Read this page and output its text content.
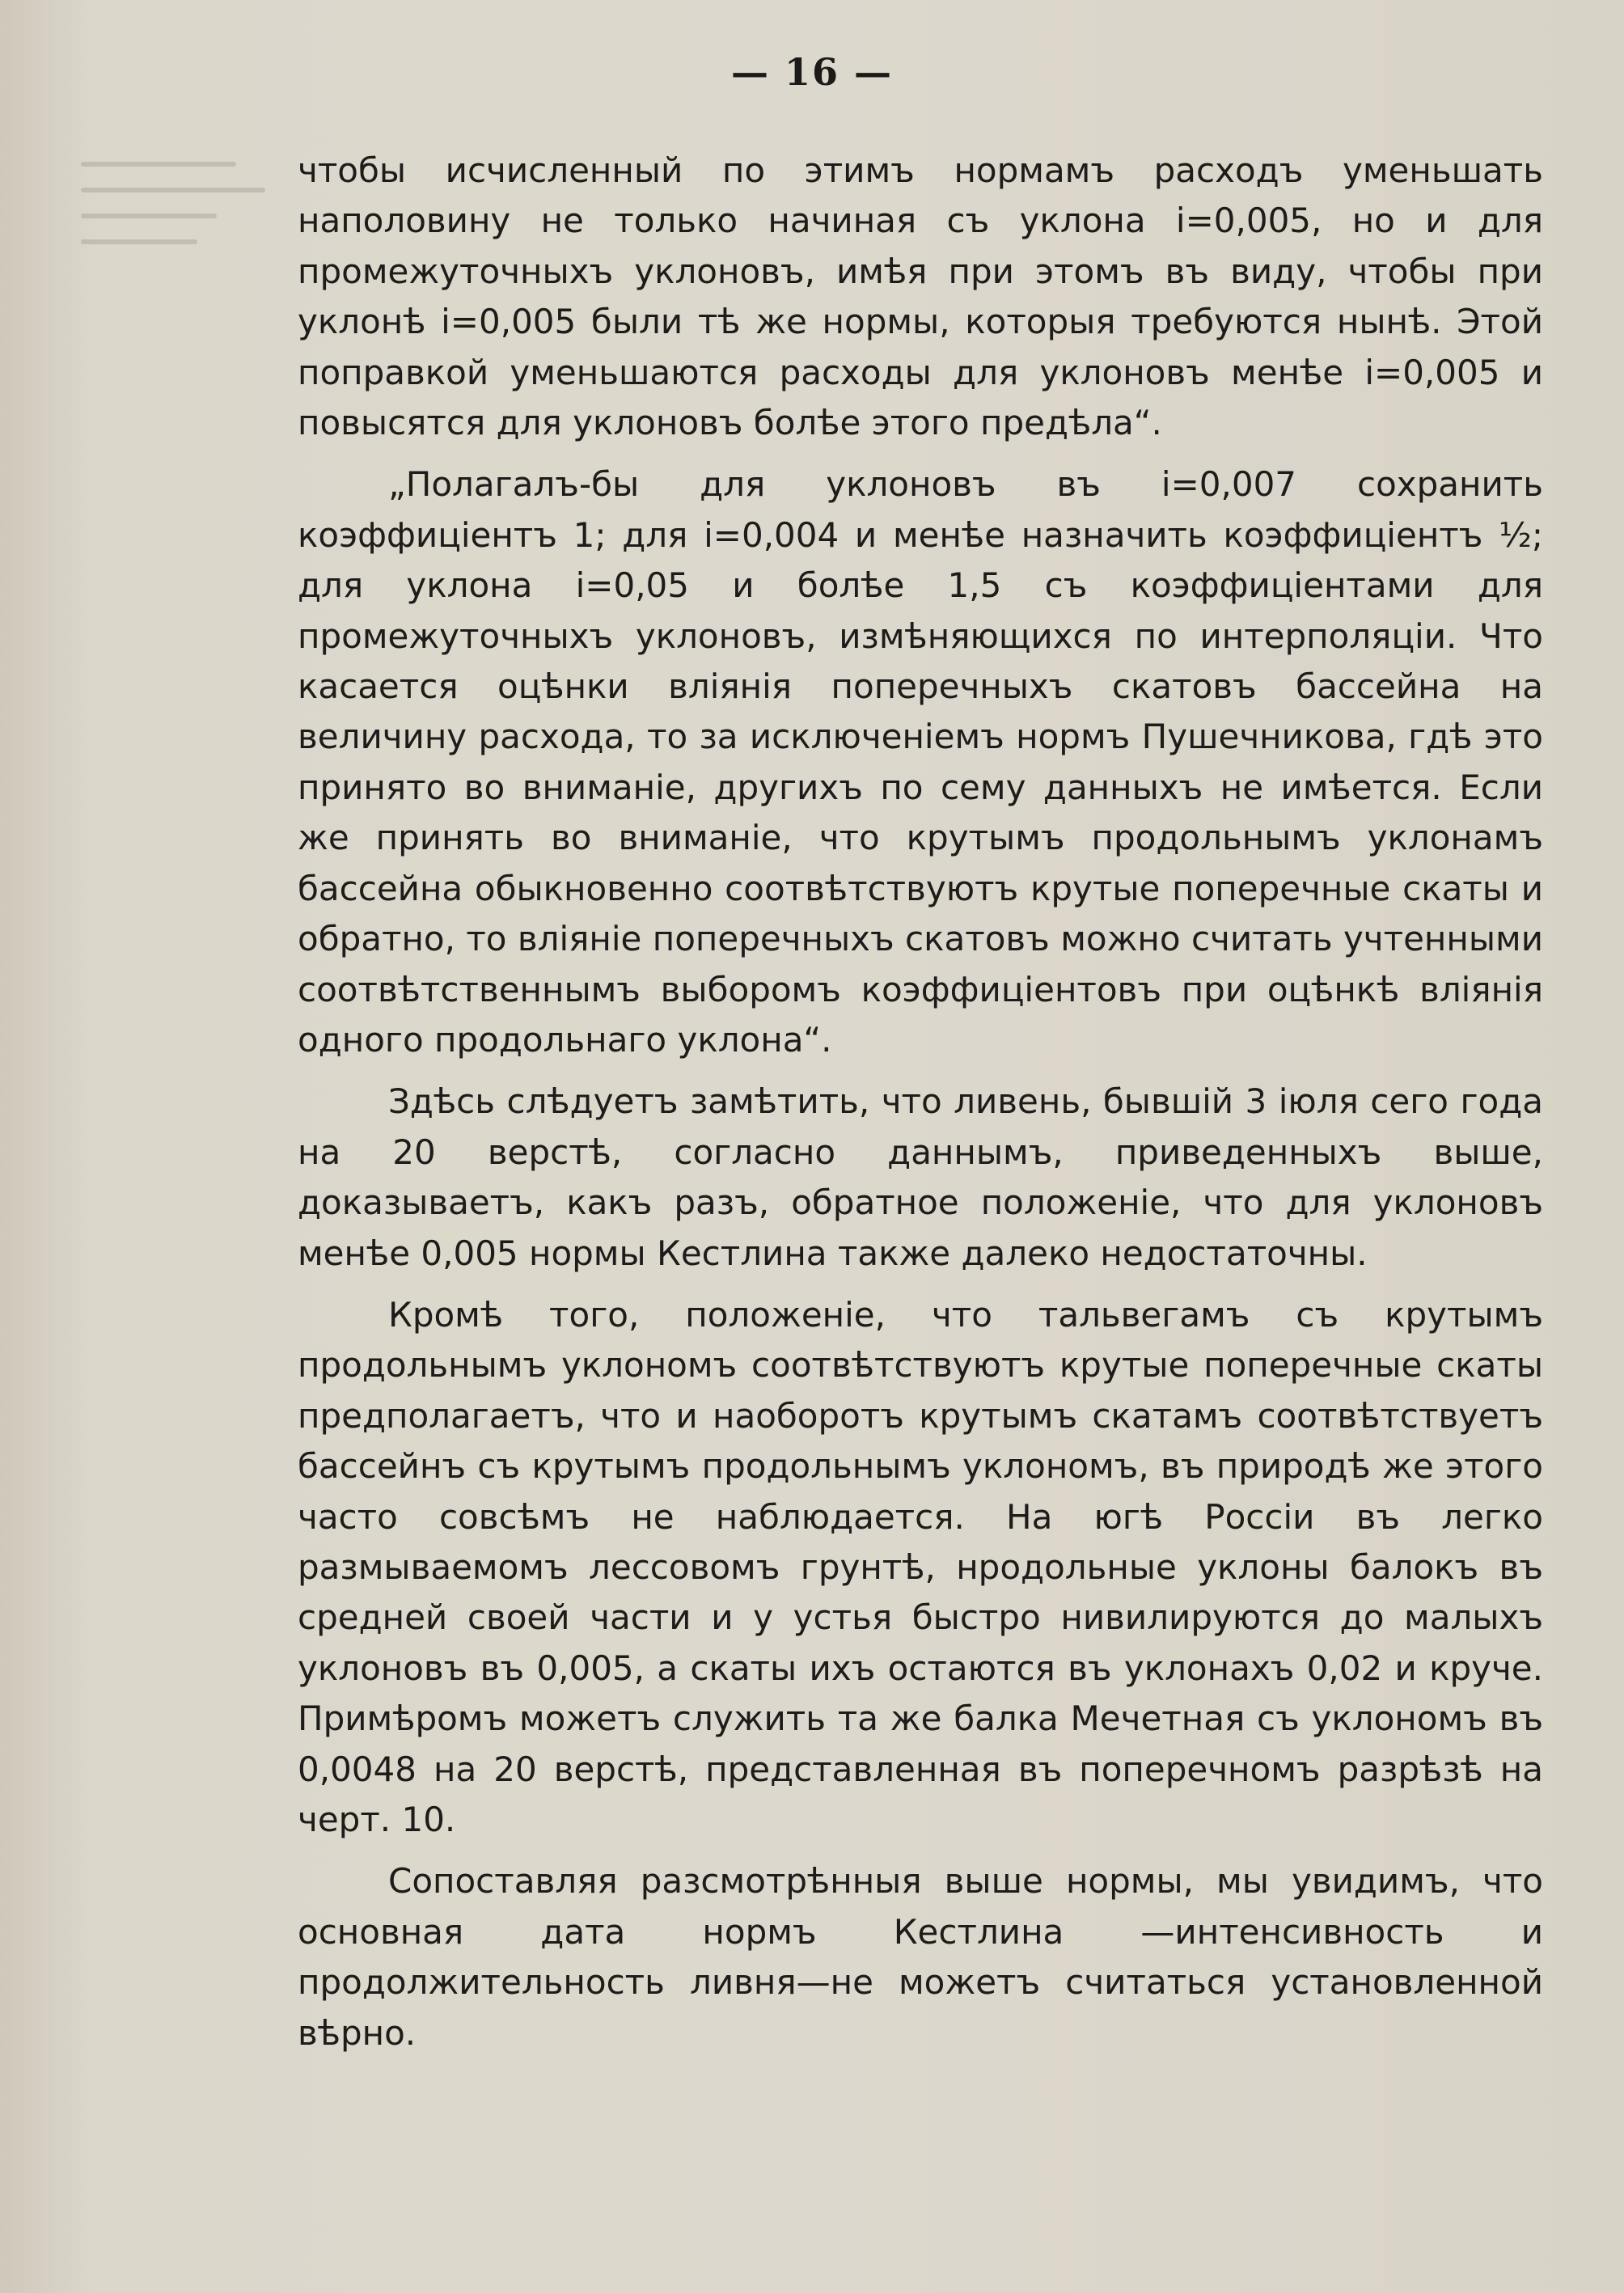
— 16 —

чтобы исчисленный по этимъ нормамъ расходъ уменьшать наполовину не только начиная съ уклона i=0,005, но и для промежуточныхъ уклоновъ, имѣя при этомъ въ виду, чтобы при уклонѣ i=0,005 были тѣ же нормы, которыя требуются нынѣ. Этой поправкой уменьшаются расходы для уклоновъ менѣе i=0,005 и повысятся для уклоновъ болѣе этого предѣла“.

„Полагалъ-бы для уклоновъ въ i=0,007 сохранить коэффиціентъ 1; для i=0,004 и менѣе назначить коэффиціентъ ½; для уклона i=0,05 и болѣе 1,5 съ коэффиціентами для промежуточныхъ уклоновъ, измѣняющихся по интерполяціи. Что касается оцѣнки вліянія поперечныхъ скатовъ бассейна на величину расхода, то за исключеніемъ нормъ Пушечникова, гдѣ это принято во вниманіе, другихъ по сему данныхъ не имѣется. Если же принять во вниманіе, что крутымъ продольнымъ уклонамъ бассейна обыкновенно соотвѣтствуютъ крутые поперечные скаты и обратно, то вліяніе поперечныхъ скатовъ можно считать учтенными соотвѣтственнымъ выборомъ коэффиціентовъ при оцѣнкѣ вліянія одного продольнаго уклона“.

Здѣсь слѣдуетъ замѣтить, что ливень, бывшій 3 іюля сего года на 20 верстѣ, согласно даннымъ, приведенныхъ выше, доказываетъ, какъ разъ, обратное положеніе, что для уклоновъ менѣе 0,005 нормы Кестлина также далеко недостаточны.

Кромѣ того, положеніе, что тальвегамъ съ крутымъ продольнымъ уклономъ соотвѣтствуютъ крутые поперечные скаты предполагаетъ, что и наоборотъ крутымъ скатамъ соотвѣтствуетъ бассейнъ съ крутымъ продольнымъ уклономъ, въ природѣ же этого часто совсѣмъ не наблюдается. На югѣ Россіи въ легко размываемомъ лессовомъ грунтѣ, нродольные уклоны балокъ въ средней своей части и у устья быстро нивилируются до малыхъ уклоновъ въ 0,005, а скаты ихъ остаются въ уклонахъ 0,02 и круче. Примѣромъ можетъ служить та же балка Мечетная съ уклономъ въ 0,0048 на 20 верстѣ, представленная въ поперечномъ разрѣзѣ на черт. 10.

Сопоставляя разсмотрѣнныя выше нормы, мы увидимъ, что основная дата нормъ Кестлина —интенсивность и продолжительность ливня—не можетъ считаться установленной вѣрно.
